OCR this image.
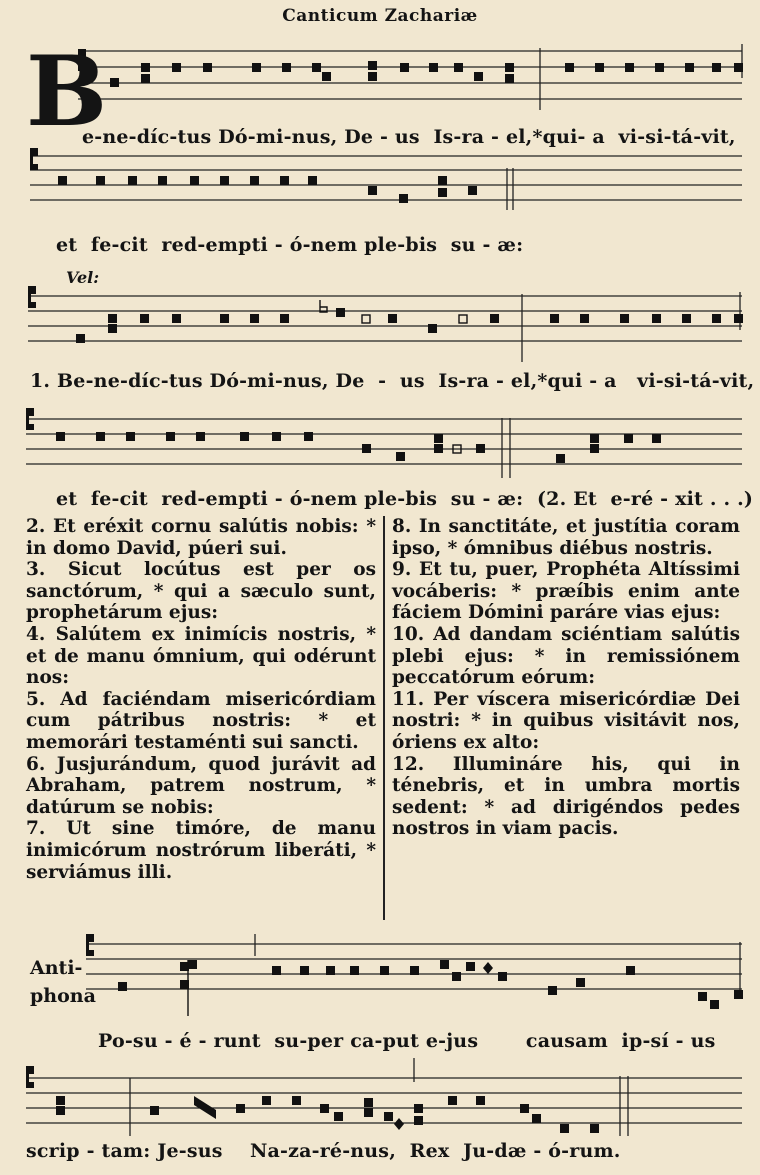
Canticum Zachariæ
B
e-ne-díc-tus Dó-mi-nus, De - us  Is-ra - el,*qui- a  vi-si-tá-vit,
et  fe-cit  red-empti - ó-nem ple-bis  su - æ:
Vel:
1. Be-ne-díc-tus Dó-mi-nus, De  -  us  Is-ra - el,*qui - a   vi-si-tá-vit,
et  fe-cit  red-empti - ó-nem ple-bis  su - æ:  (2. Et  e-ré - xit . . .)

2. Et eréxit cornu salútis nobis: * in domo David, púeri sui.

3. Sicut locútus est per os sanctórum, * qui a sæculo sunt, prophetárum ejus:

4. Salútem ex inimícis nostris, * et de manu ómnium, qui odérunt nos:

5. Ad faciéndam misericórdiam cum pátribus nostris: * et memorári testaménti sui sancti.

6. Jusjurándum, quod jurávit ad Abraham, patrem nostrum, * datúrum se nobis:

7. Ut sine timóre, de manu inimicórum nostrórum liberáti, * serviámus illi.

8. In sanctitáte, et justítia coram ipso, * ómnibus diébus nostris.

9. Et tu, puer, Prophéta Altíssimi vocáberis: * præíbis enim ante fáciem Dómini paráre vias ejus:

10. Ad dandam sciéntiam salútis plebi ejus: * in remissiónem peccatórum eórum:

11. Per víscera misericórdiæ Dei nostri: * in quibus visitávit nos, óriens ex alto:

12. Illumináre his, qui in ténebris, et in umbra mortis sedent: * ad dirigéndos pedes nostros in viam pacis.

Anti-
phona
Po-su - é - runt  su-per ca-put e-jus       causam  ip-sí - us
scrip - tam: Je-sus    Na-za-ré-nus,  Rex  Ju-dæ - ó-rum.
